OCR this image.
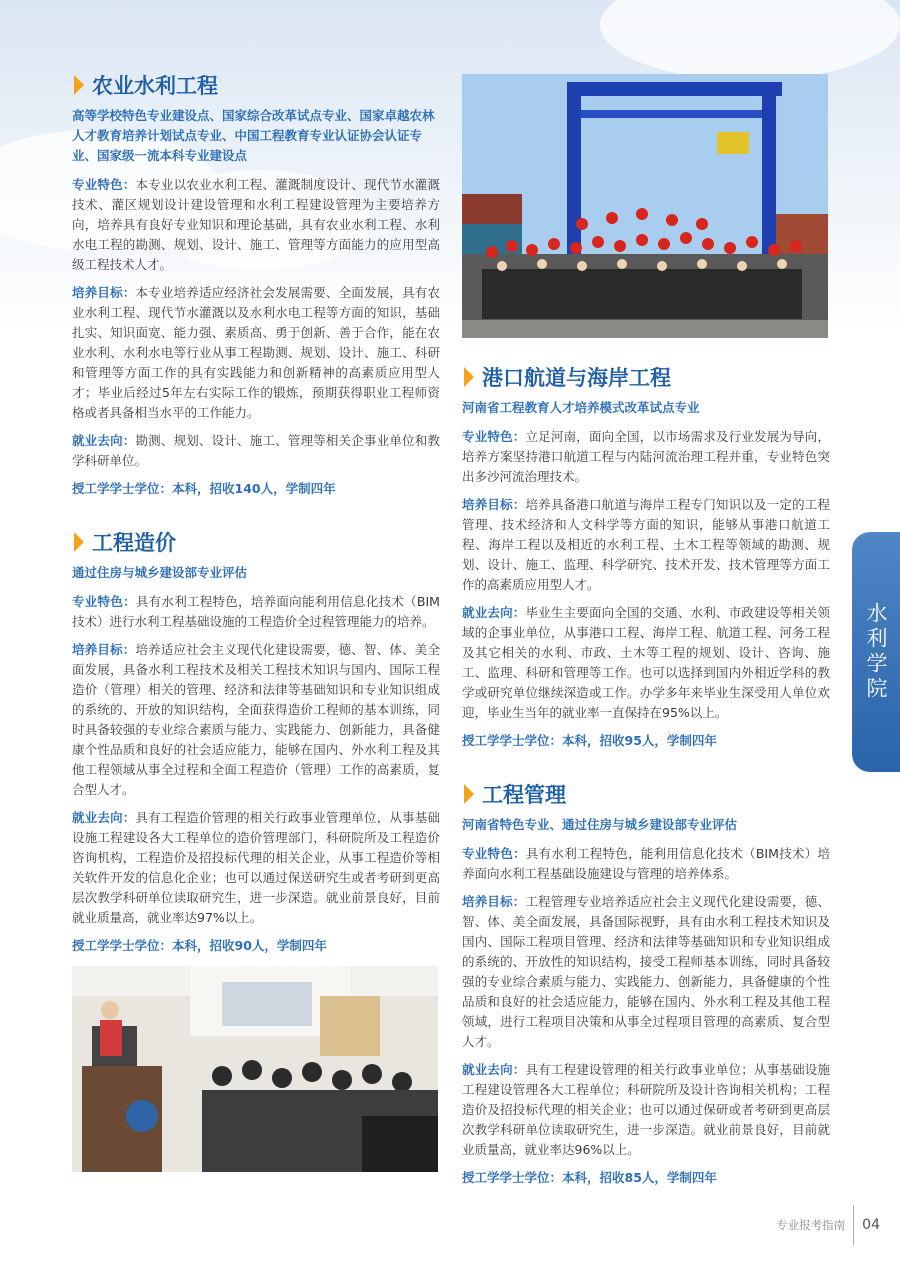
农业水利工程
高等学校特色专业建设点、国家综合改革试点专业、国家卓越农林人才教育培养计划试点专业、中国工程教育专业认证协会认证专业、国家级一流本科专业建设点
专业特色：本专业以农业水利工程、灌溉制度设计、现代节水灌溉技术、灌区规划设计建设管理和水利工程建设管理为主要培养方向，培养具有良好专业知识和理论基础，具有农业水利工程、水利水电工程的勘测、规划、设计、施工、管理等方面能力的应用型高级工程技术人才。
培养目标：本专业培养适应经济社会发展需要、全面发展，具有农业水利工程、现代节水灌溉以及水利水电工程等方面的知识，基础扎实、知识面宽、能力强、素质高、勇于创新、善于合作，能在农业水利、水利水电等行业从事工程勘测、规划、设计、施工、科研和管理等方面工作的具有实践能力和创新精神的高素质应用型人才；毕业后经过5年左右实际工作的锻炼，预期获得职业工程师资格或者具备相当水平的工作能力。
就业去向：勘测、规划、设计、施工、管理等相关企事业单位和教学科研单位。
授工学学士学位：本科，招收140人，学制四年
工程造价
通过住房与城乡建设部专业评估
专业特色：具有水利工程特色，培养面向能利用信息化技术（BIM技术）进行水利工程基础设施的工程造价全过程管理能力的培养。
培养目标：培养适应社会主义现代化建设需要，德、智、体、美全面发展，具备水利工程技术及相关工程技术知识与国内、国际工程造价（管理）相关的管理、经济和法律等基础知识和专业知识组成的系统的、开放的知识结构，全面获得造价工程师的基本训练，同时具备较强的专业综合素质与能力、实践能力、创新能力，具备健康个性品质和良好的社会适应能力，能够在国内、外水利工程及其他工程领域从事全过程和全面工程造价（管理）工作的高素质，复合型人才。
就业去向：具有工程造价管理的相关行政事业管理单位，从事基础设施工程建设各大工程单位的造价管理部门，科研院所及工程造价咨询机构，工程造价及招投标代理的相关企业，从事工程造价等相关软件开发的信息化企业；也可以通过保送研究生或者考研到更高层次教学科研单位读取研究生，进一步深造。就业前景良好，目前就业质量高，就业率达97%以上。
授工学学士学位：本科，招收90人，学制四年
港口航道与海岸工程
河南省工程教育人才培养模式改革试点专业
专业特色：立足河南，面向全国，以市场需求及行业发展为导向，培养方案坚持港口航道工程与内陆河流治理工程并重，专业特色突出多沙河流治理技术。
培养目标：培养具备港口航道与海岸工程专门知识以及一定的工程管理、技术经济和人文科学等方面的知识，能够从事港口航道工程、海岸工程以及相近的水利工程、土木工程等领域的勘测、规划、设计、施工、监理、科学研究、技术开发、技术管理等方面工作的高素质应用型人才。
就业去向：毕业生主要面向全国的交通、水利、市政建设等相关领域的企事业单位，从事港口工程、海岸工程、航道工程、河务工程及其它相关的水利、市政、土木等工程的规划、设计、咨询、施工、监理、科研和管理等工作。也可以选择到国内外相近学科的教学或研究单位继续深造或工作。办学多年来毕业生深受用人单位欢迎，毕业生当年的就业率一直保持在95%以上。
授工学学士学位：本科，招收95人，学制四年
工程管理
河南省特色专业、通过住房与城乡建设部专业评估
专业特色：具有水利工程特色，能利用信息化技术（BIM技术）培养面向水利工程基础设施建设与管理的培养体系。
培养目标：工程管理专业培养适应社会主义现代化建设需要，德、智、体、美全面发展，具备国际视野，具有由水利工程技术知识及国内、国际工程项目管理、经济和法律等基础知识和专业知识组成的系统的、开放性的知识结构，接受工程师基本训练，同时具备较强的专业综合素质与能力、实践能力、创新能力，具备健康的个性品质和良好的社会适应能力，能够在国内、外水利工程及其他工程领域，进行工程项目决策和从事全过程项目管理的高素质、复合型人才。
就业去向：具有工程建设管理的相关行政事业单位；从事基础设施工程建设管理各大工程单位；科研院所及设计咨询相关机构；工程造价及招投标代理的相关企业；也可以通过保研或者考研到更高层次教学科研单位读取研究生，进一步深造。就业前景良好，目前就业质量高，就业率达96%以上。
授工学学士学位：本科，招收85人，学制四年
水利学院
专业报考指南 04
